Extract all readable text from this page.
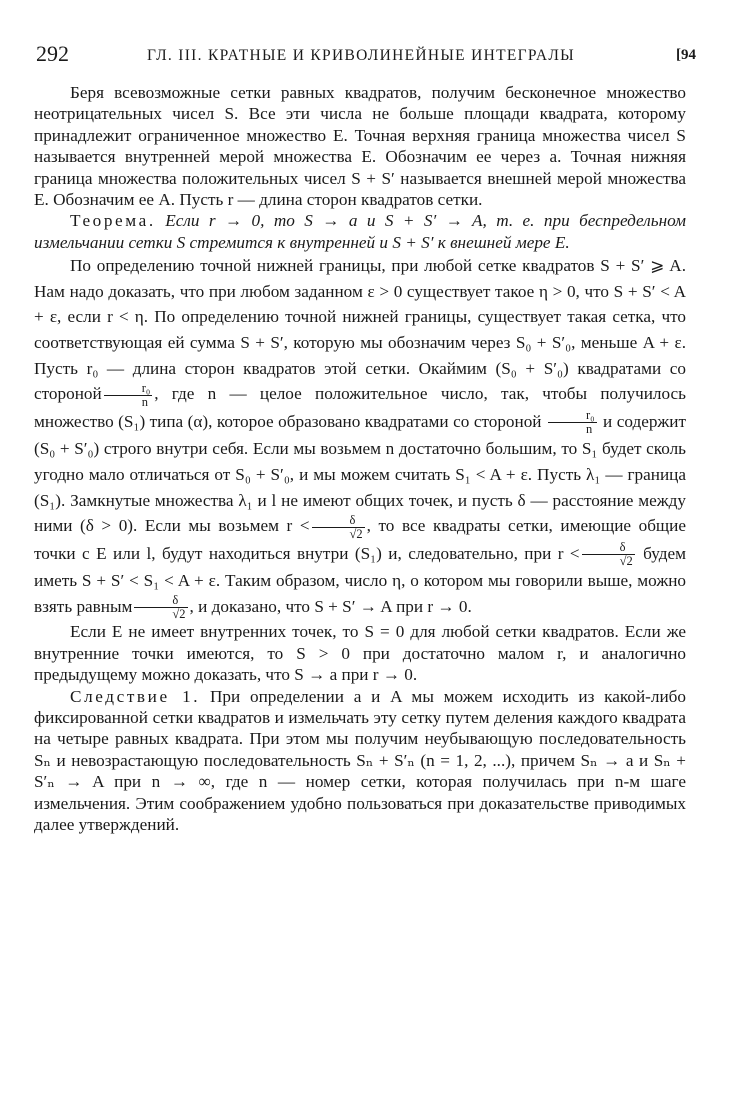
292	ГЛ. III. КРАТНЫЕ И КРИВОЛИНЕЙНЫЕ ИНТЕГРАЛЫ	[94

Беря всевозможные сетки равных квадратов, получим бесконечное множество неотрицательных чисел S. Все эти числа не больше площади квадрата, которому принадлежит ограниченное множество E. Точная верхняя граница множества чисел S называется внутренней мерой множества E. Обозначим ее через a. Точная нижняя граница множества положительных чисел S + S′ называется внешней мерой множества E. Обозначим ее A. Пусть r — длина сторон квадратов сетки.

Теорема. Если r → 0, то S → a и S + S′ → A, т. е. при беспредельном измельчании сетки S стремится к внутренней и S + S′ к внешней мере E.

По определению точной нижней границы, при любой сетке квадратов S + S′ ⩾ A. Нам надо доказать, что при любом заданном ε > 0 существует такое η > 0, что S + S′ < A + ε, если r < η. По определению точной нижней границы, существует такая сетка, что соответствующая ей сумма S + S′, которую мы обозначим через S₀ + S′₀, меньше A + ε. Пусть r₀ — длина сторон квадратов этой сетки. Окаймим (S₀ + S′₀) квадратами со стороной $\frac{\text{r₀}}{n}$ , где n — целое положительное число, так, чтобы получилось множество (S₁) типа (α), которое образовано квадратами со стороной $\frac{\text{r₀}}{n}$ и содержит (S₀ + S′₀) строго внутри себя. Если мы возьмем n достаточно большим, то S₁ будет сколь угодно мало отличаться от S₀ + S′₀, и мы можем считать S₁ < A + ε. Пусть λ₁ — граница (S₁). Замкнутые множества λ₁ и l не имеют общих точек, и пусть δ — расстояние между ними (δ > 0). Если мы возьмем $r < \frac{\delta}{√2}$ , то все квадраты сетки, имеющие общие точки с E или l, будут находиться внутри (S₁) и, следовательно, при $r < \frac{\delta}{√2}$ будем иметь S + S′ < S₁ < A + ε. Таким образом, число η, о котором мы говорили выше, можно взять равным $\frac{\delta}{√2}$ , и доказано, что S + S′ → A при r → 0.

Если E не имеет внутренних точек, то S = 0 для любой сетки квадратов. Если же внутренние точки имеются, то S > 0 при достаточно малом r, и аналогично предыдущему можно доказать, что S → a при r → 0.

Следствие 1. При определении a и A мы можем исходить из какой-либо фиксированной сетки квадратов и измельчать эту сетку путем деления каждого квадрата на четыре равных квадрата. При этом мы получим неубывающую последовательность Sₙ и невозрастающую последовательность Sₙ + S′ₙ (n = 1, 2, ...), причем Sₙ → a и Sₙ + S′ₙ → A при n → ∞, где n — номер сетки, которая получилась при n-м шаге измельчения. Этим соображением удобно пользоваться при доказательстве приводимых далее утверждений.
